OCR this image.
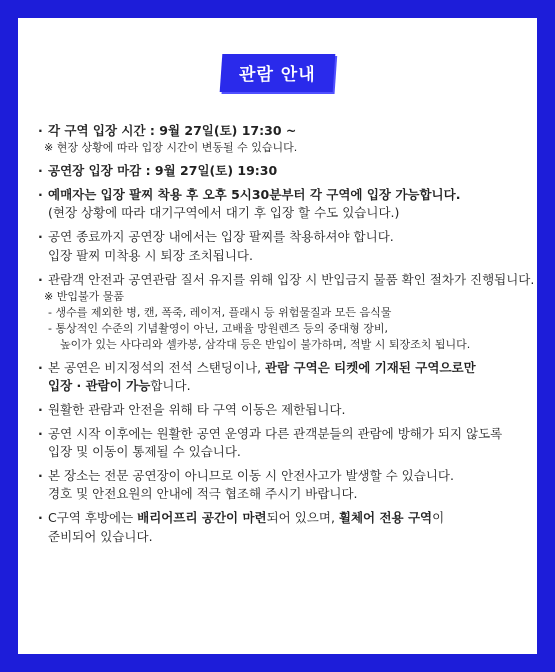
관람 안내
· 각 구역 입장 시간 : 9월 27일(토) 17:30 ~
※ 현장 상황에 따라 입장 시간이 변동될 수 있습니다.
· 공연장 입장 마감 : 9월 27일(토) 19:30
· 예매자는 입장 팔찌 착용 후 오후 5시30분부터 각 구역에 입장 가능합니다.
(현장 상황에 따라 대기구역에서 대기 후 입장 할 수도 있습니다.)
· 공연 종료까지 공연장 내에서는 입장 팔찌를 착용하셔야 합니다.
입장 팔찌 미착용 시 퇴장 조치됩니다.
· 관람객 안전과 공연관람 질서 유지를 위해 입장 시 반입금지 물품 확인 절차가 진행됩니다.
※ 반입불가 물품
- 생수를 제외한 병, 캔, 폭죽, 레이저, 플래시 등 위험물질과 모든 음식물
- 통상적인 수준의 기념촬영이 아닌, 고배율 망원렌즈 등의 중대형 장비,
높이가 있는 사다리와 셀카봉, 삼각대 등은 반입이 불가하며, 적발 시 퇴장조치 됩니다.
· 본 공연은 비지정석의 전석 스탠딩이나, 관람 구역은 티켓에 기재된 구역으로만
입장 · 관람이 가능합니다.
· 원활한 관람과 안전을 위해 타 구역 이동은 제한됩니다.
· 공연 시작 이후에는 원활한 공연 운영과 다른 관객분들의 관람에 방해가 되지 않도록
입장 및 이동이 통제될 수 있습니다.
· 본 장소는 전문 공연장이 아니므로 이동 시 안전사고가 발생할 수 있습니다.
경호 및 안전요원의 안내에 적극 협조해 주시기 바랍니다.
· C구역 후방에는 배리어프리 공간이 마련되어 있으며, 휠체어 전용 구역이
준비되어 있습니다.
